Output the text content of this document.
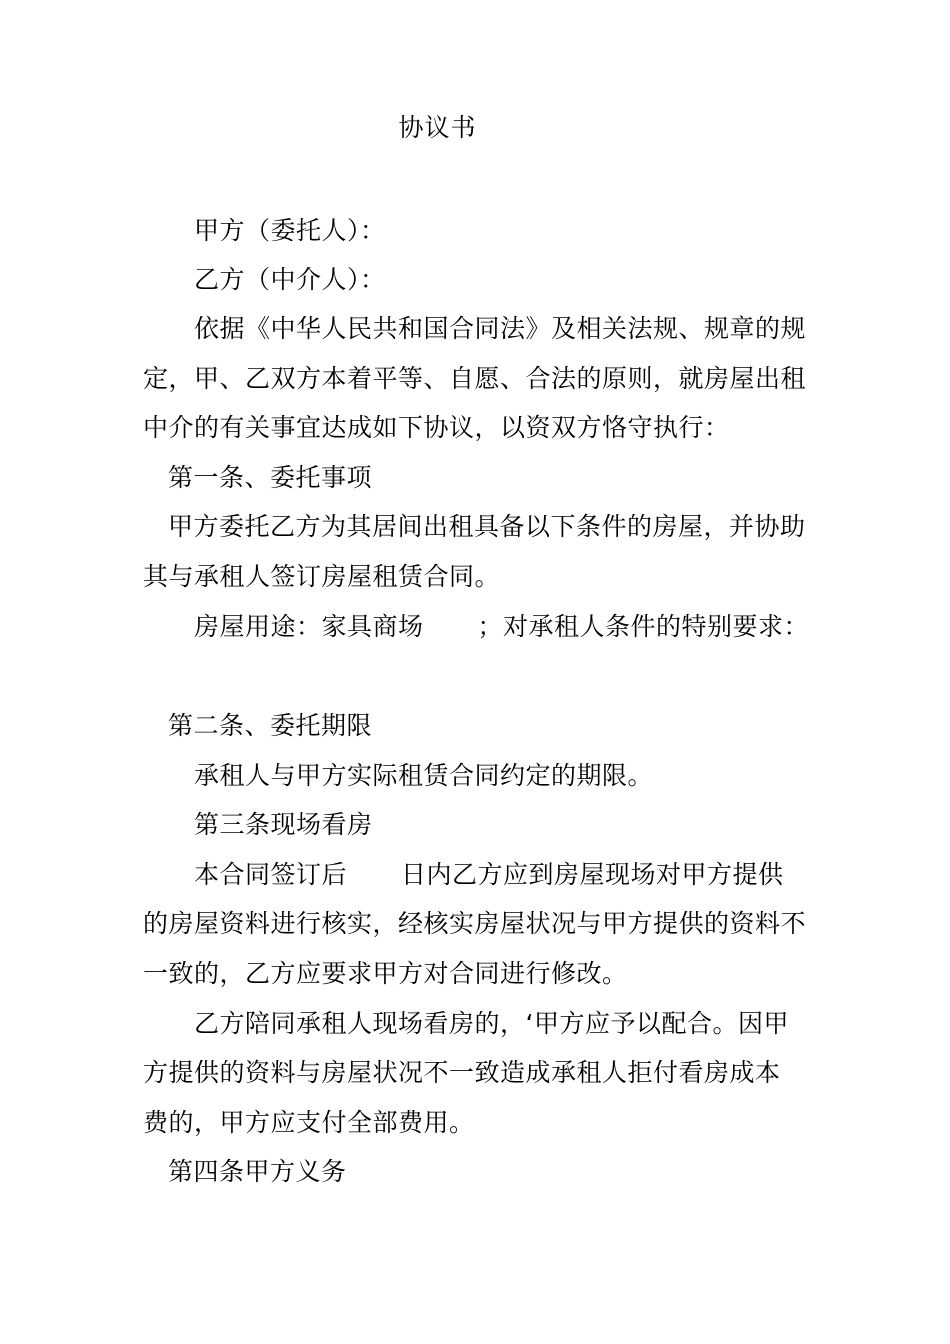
协议书
甲方（委托人）：
乙方（中介人）：
依据《中华人民共和国合同法》及相关法规、规章的规
定，甲、乙双方本着平等、自愿、合法的原则，就房屋出租
中介的有关事宜达成如下协议，以资双方恪守执行：
第一条、委托事项
甲方委托乙方为其居间出租具备以下条件的房屋，并协助
其与承租人签订房屋租赁合同。
房屋用途：家具商场 ；对承租人条件的特别要求：
第二条、委托期限
承租人与甲方实际租赁合同约定的期限。
第三条现场看房
本合同签订后 日内乙方应到房屋现场对甲方提供
的房屋资料进行核实，经核实房屋状况与甲方提供的资料不
一致的，乙方应要求甲方对合同进行修改。
乙方陪同承租人现场看房的，‘甲方应予以配合。因甲
方提供的资料与房屋状况不一致造成承租人拒付看房成本
费的，甲方应支付全部费用。
第四条甲方义务
